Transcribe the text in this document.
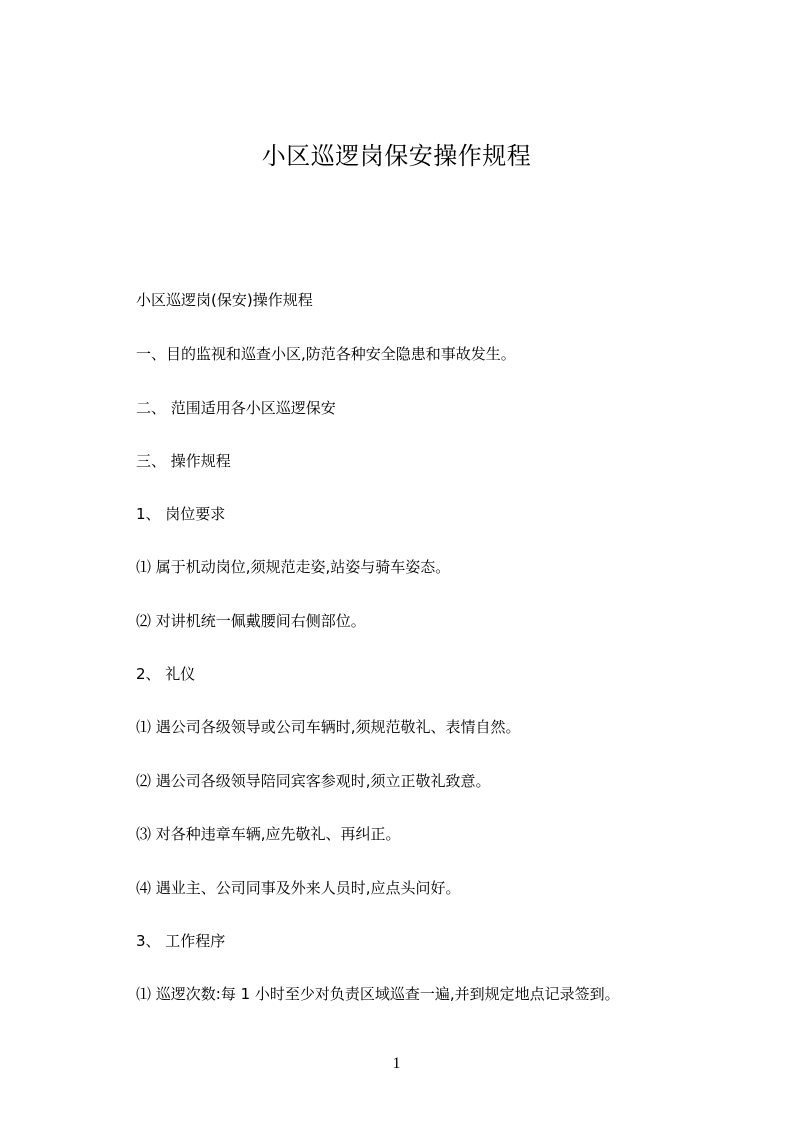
小区巡逻岗保安操作规程
小区巡逻岗(保安)操作规程
一、目的监视和巡查小区,防范各种安全隐患和事故发生。
二、 范围适用各小区巡逻保安
三、 操作规程
1、 岗位要求
⑴ 属于机动岗位,须规范走姿,站姿与骑车姿态。
⑵ 对讲机统一佩戴腰间右侧部位。
2、 礼仪
⑴ 遇公司各级领导或公司车辆时,须规范敬礼、表情自然。
⑵ 遇公司各级领导陪同宾客参观时,须立正敬礼致意。
⑶ 对各种违章车辆,应先敬礼、再纠正。
⑷ 遇业主、公司同事及外来人员时,应点头问好。
3、 工作程序
⑴ 巡逻次数:每 1 小时至少对负责区域巡查一遍,并到规定地点记录签到。
1
